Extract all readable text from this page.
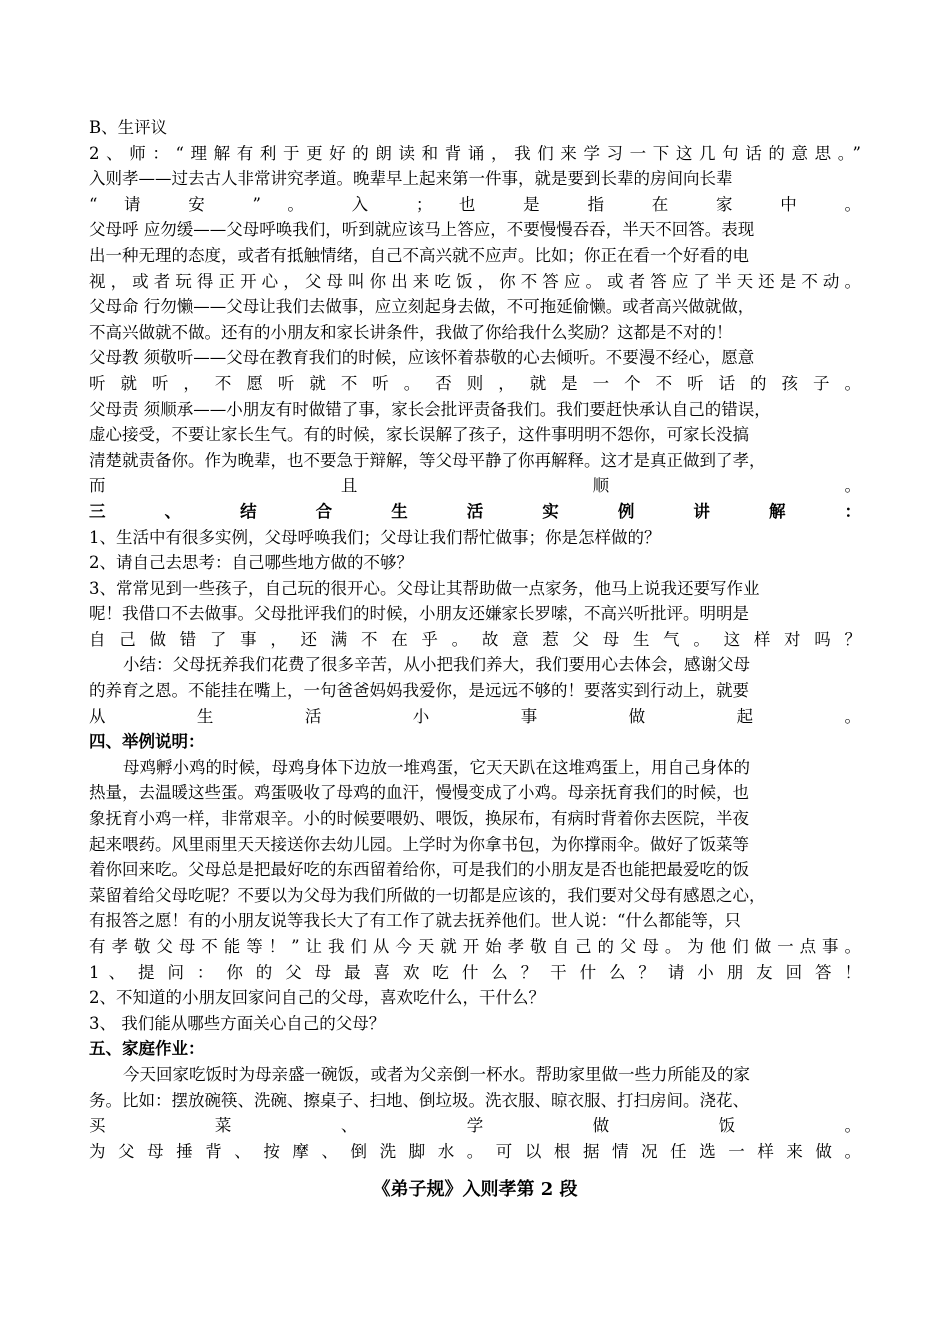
B、生评议
2、师：“理解有利于更好的朗读和背诵，我们来学习一下这几句话的意思。”
入则孝——过去古人非常讲究孝道。晚辈早上起来第一件事，就是要到长辈的房间向长辈
“ 请 安 ” 。 入 ； 也 是 指 在 家 中 。
父母呼 应勿缓——父母呼唤我们，听到就应该马上答应，不要慢慢吞吞，半天不回答。表现
出一种无理的态度，或者有抵触情绪，自己不高兴就不应声。比如；你正在看一个好看的电
视，或者玩得正开心，父母叫你出来吃饭，你不答应。或者答应了半天还是不动。
父母命 行勿懒——父母让我们去做事，应立刻起身去做，不可拖延偷懒。或者高兴做就做，
不高兴做就不做。还有的小朋友和家长讲条件，我做了你给我什么奖励？这都是不对的！
父母教 须敬听——父母在教育我们的时候，应该怀着恭敬的心去倾听。不要漫不经心，愿意
听 就 听 ， 不 愿 听 就 不 听 。 否 则 ， 就 是 一 个 不 听 话 的 孩 子 。
父母责 须顺承——小朋友有时做错了事，家长会批评责备我们。我们要赶快承认自己的错误，
虚心接受，不要让家长生气。有的时候，家长误解了孩子，这件事明明不怨你，可家长没搞
清楚就责备你。作为晚辈，也不要急于辩解，等父母平静了你再解释。这才是真正做到了孝，
而 且 顺 。
三 、 结 合 生 活 实 例 讲 解 ：
1、生活中有很多实例，父母呼唤我们；父母让我们帮忙做事；你是怎样做的？
2、请自己去思考：自己哪些地方做的不够？
3、常常见到一些孩子，自己玩的很开心。父母让其帮助做一点家务，他马上说我还要写作业
呢！我借口不去做事。父母批评我们的时候，小朋友还嫌家长罗嗦，不高兴听批评。明明是
自 己 做 错 了 事 ， 还 满 不 在 乎 。 故 意 惹 父 母 生 气 。 这 样 对 吗 ？
小结：父母抚养我们花费了很多辛苦，从小把我们养大，我们要用心去体会，感谢父母
的养育之恩。不能挂在嘴上，一句爸爸妈妈我爱你，是远远不够的！要落实到行动上，就要
从 生 活 小 事 做 起 。
四、举例说明：
母鸡孵小鸡的时候，母鸡身体下边放一堆鸡蛋，它天天趴在这堆鸡蛋上，用自己身体的
热量，去温暖这些蛋。鸡蛋吸收了母鸡的血汗，慢慢变成了小鸡。母亲抚育我们的时候，也
象抚育小鸡一样，非常艰辛。小的时候要喂奶、喂饭，换尿布，有病时背着你去医院，半夜
起来喂药。风里雨里天天接送你去幼儿园。上学时为你拿书包，为你撑雨伞。做好了饭菜等
着你回来吃。父母总是把最好吃的东西留着给你，可是我们的小朋友是否也能把最爱吃的饭
菜留着给父母吃呢？不要以为父母为我们所做的一切都是应该的，我们要对父母有感恩之心，
有报答之愿！有的小朋友说等我长大了有工作了就去抚养他们。世人说：“什么都能等，只
有孝敬父母不能等！”让我们从今天就开始孝敬自己的父母。为他们做一点事。
1 、 提 问 ： 你 的 父 母 最 喜 欢 吃 什 么 ？ 干 什 么 ？ 请 小 朋 友 回 答 ！
2、不知道的小朋友回家问自己的父母，喜欢吃什么，干什么？
3、 我们能从哪些方面关心自己的父母？
五、家庭作业：
今天回家吃饭时为母亲盛一碗饭，或者为父亲倒一杯水。帮助家里做一些力所能及的家
务。比如：摆放碗筷、洗碗、擦桌子、扫地、倒垃圾。洗衣服、晾衣服、打扫房间。浇花、
买 菜 、 学 做 饭 。
为 父 母 捶 背 、 按 摩 、 倒 洗 脚 水 。 可 以 根 据 情 况 任 选 一 样 来 做 。
《弟子规》入则孝第 2 段
